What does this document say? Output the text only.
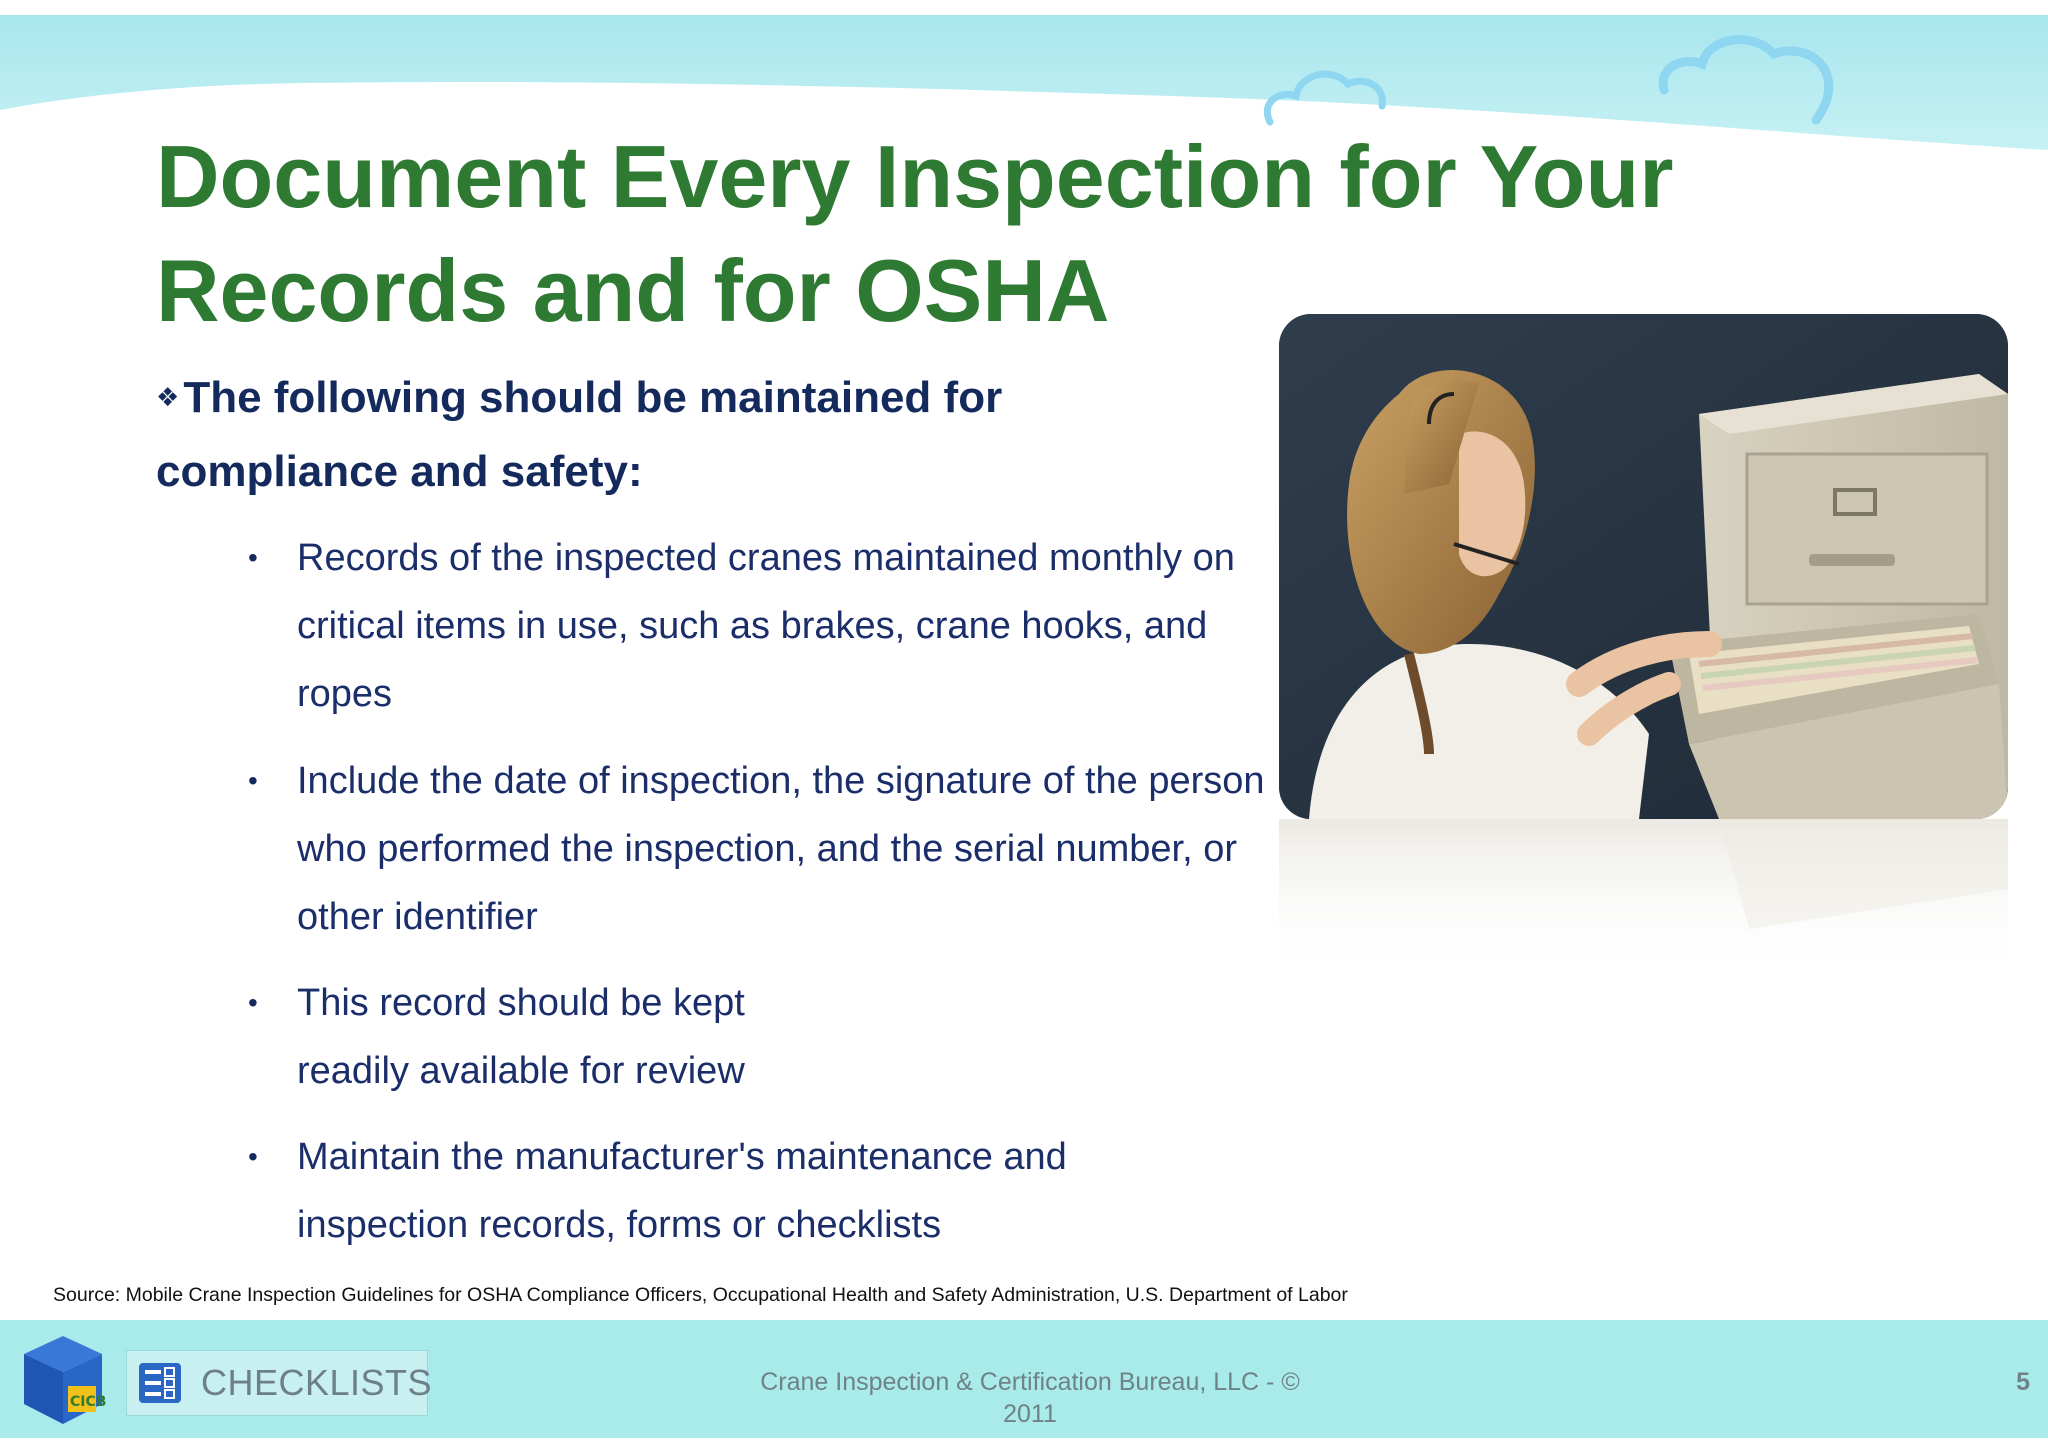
Document Every Inspection for Your Records and for OSHA
❖The following should be maintained for compliance and safety:
• Records of the inspected cranes maintained monthly on critical items in use, such as brakes, crane hooks, and ropes
• Include the date of inspection, the signature of the person who performed the inspection, and the serial number, or other identifier
• This record should be kept readily available for review
• Maintain the manufacturer's maintenance and inspection records, forms or checklists
Source: Mobile Crane Inspection Guidelines for OSHA Compliance Officers, Occupational Health and Safety Administration, U.S. Department of Labor
CICB	CHECKLISTS	Crane Inspection & Certification Bureau, LLC - ©
2011
5
